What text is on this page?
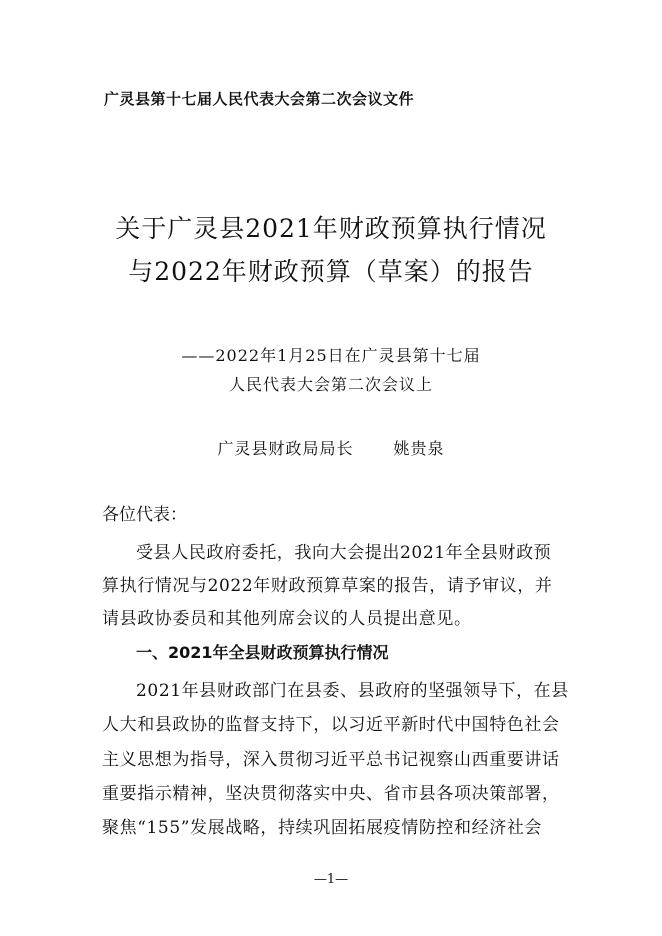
广灵县第十七届人民代表大会第二次会议文件
关于广灵县2021年财政预算执行情况
与2022年财政预算（草案）的报告
——2022年1月25日在广灵县第十七届
人民代表大会第二次会议上
广灵县财政局局长	姚贵泉
各位代表：
受县人民政府委托，我向大会提出2021年全县财政预
算执行情况与2022年财政预算草案的报告，请予审议，并
请县政协委员和其他列席会议的人员提出意见。
一、2021年全县财政预算执行情况
2021年县财政部门在县委、县政府的坚强领导下，在县
人大和县政协的监督支持下，以习近平新时代中国特色社会
主义思想为指导，深入贯彻习近平总书记视察山西重要讲话
重要指示精神，坚决贯彻落实中央、省市县各项决策部署，
聚焦“155”发展战略，持续巩固拓展疫情防控和经济社会
—1—
